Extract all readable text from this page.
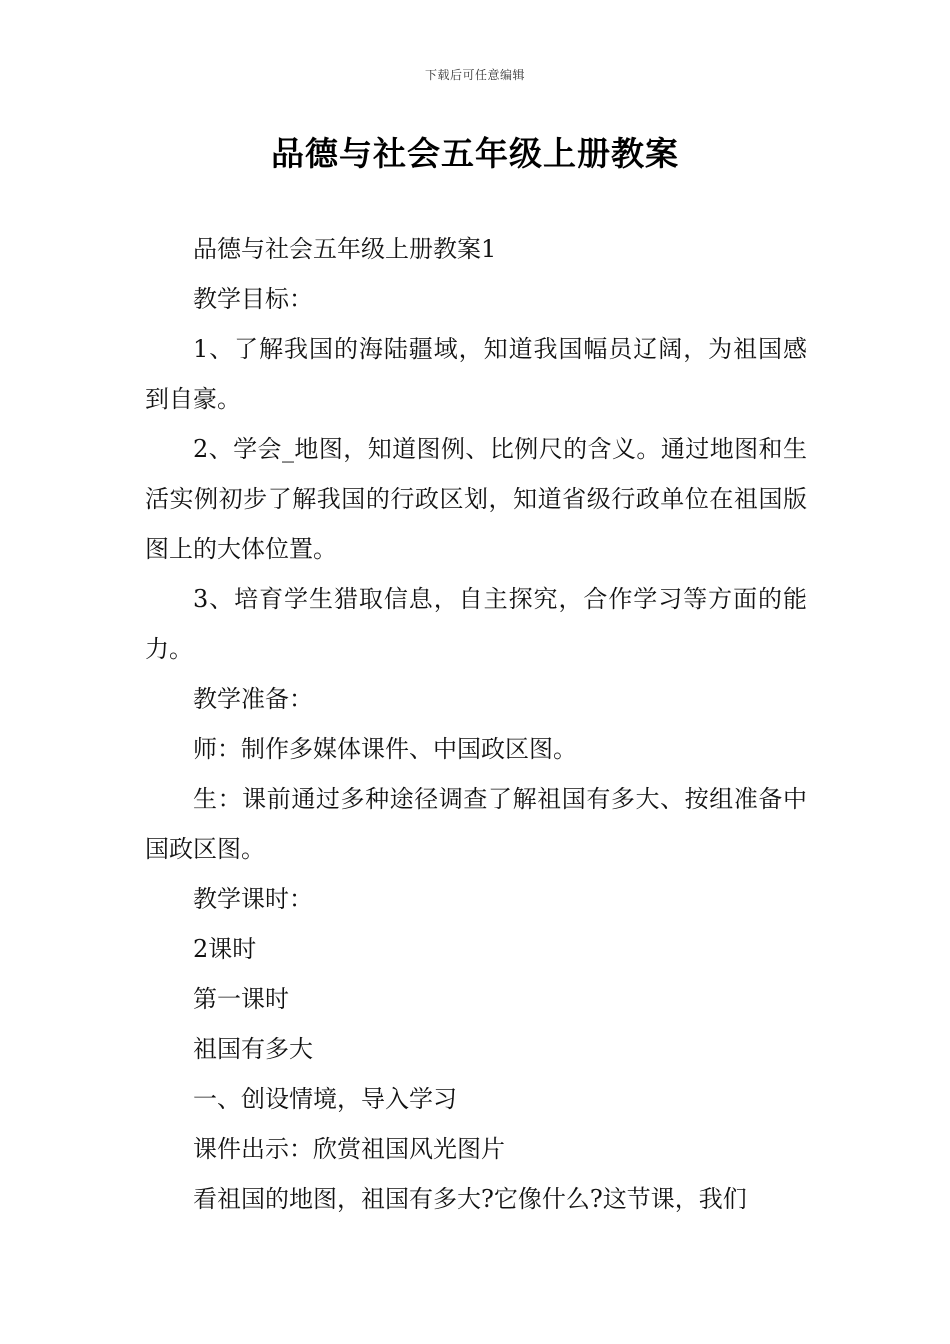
下载后可任意编辑
品德与社会五年级上册教案

品德与社会五年级上册教案1

教学目标：

1、了解我国的海陆疆域，知道我国幅员辽阔，为祖国感到自豪。

2、学会_地图，知道图例、比例尺的含义。通过地图和生活实例初步了解我国的行政区划，知道省级行政单位在祖国版图上的大体位置。

3、培育学生猎取信息，自主探究，合作学习等方面的能力。

教学准备：

师：制作多媒体课件、中国政区图。

生：课前通过多种途径调查了解祖国有多大、按组准备中国政区图。

教学课时：

2课时

第一课时

祖国有多大

一、创设情境，导入学习

课件出示：欣赏祖国风光图片

看祖国的地图，祖国有多大?它像什么?这节课，我们
